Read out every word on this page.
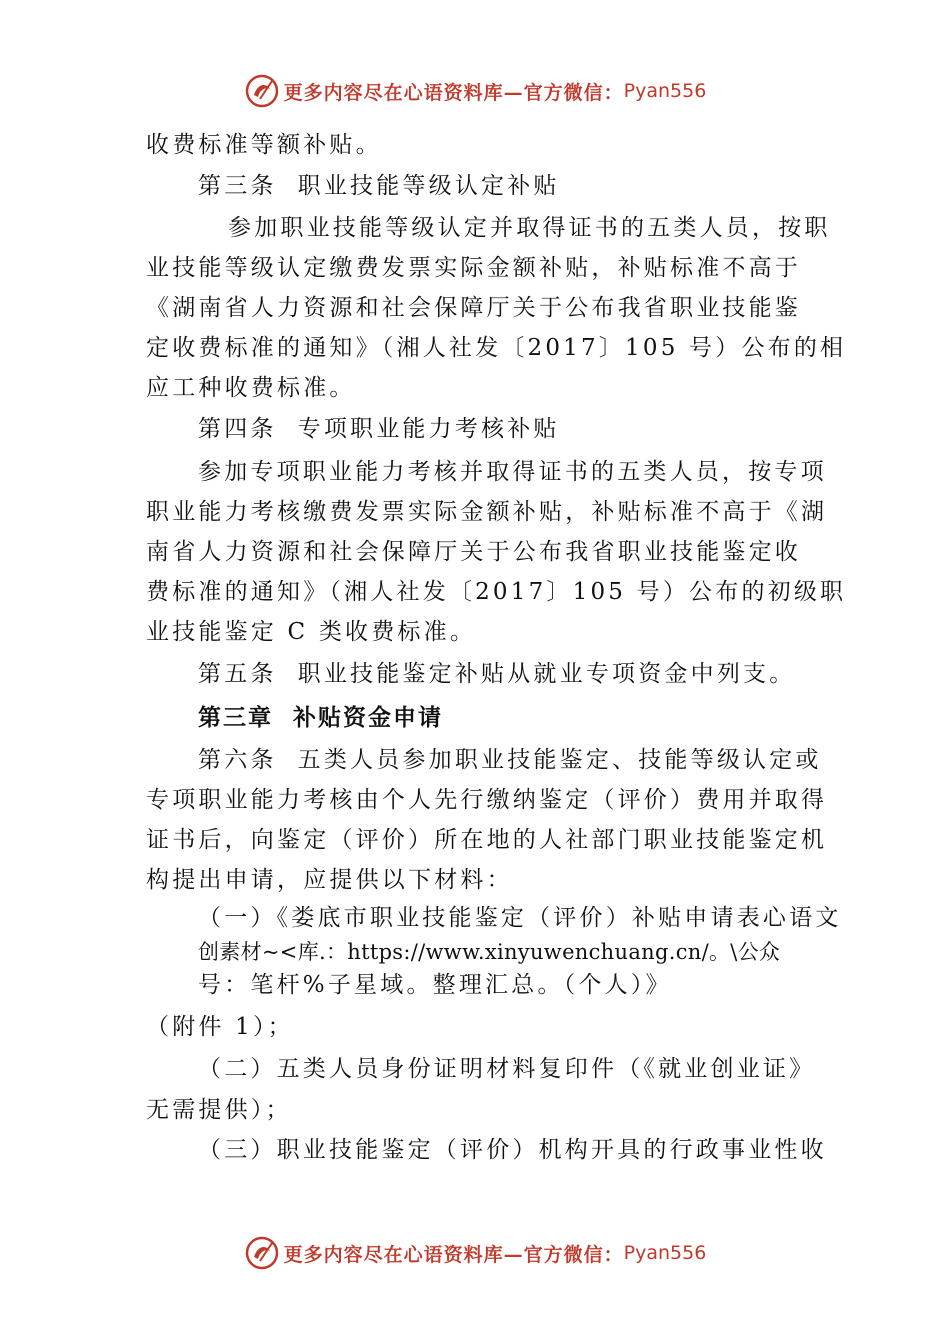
更多内容尽在心语资料库—官方微信： Pyan556
收费标准等额补贴。
第三条  职业技能等级认定补贴
参加职业技能等级认定并取得证书的五类人员，按职
业技能等级认定缴费发票实际金额补贴，补贴标准不高于
《湖南省人力资源和社会保障厅关于公布我省职业技能鉴
定收费标准的通知》（湘人社发〔2017〕105 号）公布的相
应工种收费标准。
第四条  专项职业能力考核补贴
参加专项职业能力考核并取得证书的五类人员，按专项
职业能力考核缴费发票实际金额补贴，补贴标准不高于《湖
南省人力资源和社会保障厅关于公布我省职业技能鉴定收
费标准的通知》（湘人社发〔2017〕105 号）公布的初级职
业技能鉴定 C 类收费标准。
第五条  职业技能鉴定补贴从就业专项资金中列支。
第三章  补贴资金申请
第六条  五类人员参加职业技能鉴定、技能等级认定或
专项职业能力考核由个人先行缴纳鉴定（评价）费用并取得
证书后，向鉴定（评价）所在地的人社部门职业技能鉴定机
构提出申请，应提供以下材料：
（一）《娄底市职业技能鉴定（评价）补贴申请表心语文
创素材~<库.：https://www.xinyuwenchuang.cn/。\公众
号：笔杆%子星域。整理汇总。（个人）》
（附件 1）；
（二）五类人员身份证明材料复印件（《就业创业证》
无需提供）；
（三）职业技能鉴定（评价）机构开具的行政事业性收
更多内容尽在心语资料库—官方微信： Pyan556
